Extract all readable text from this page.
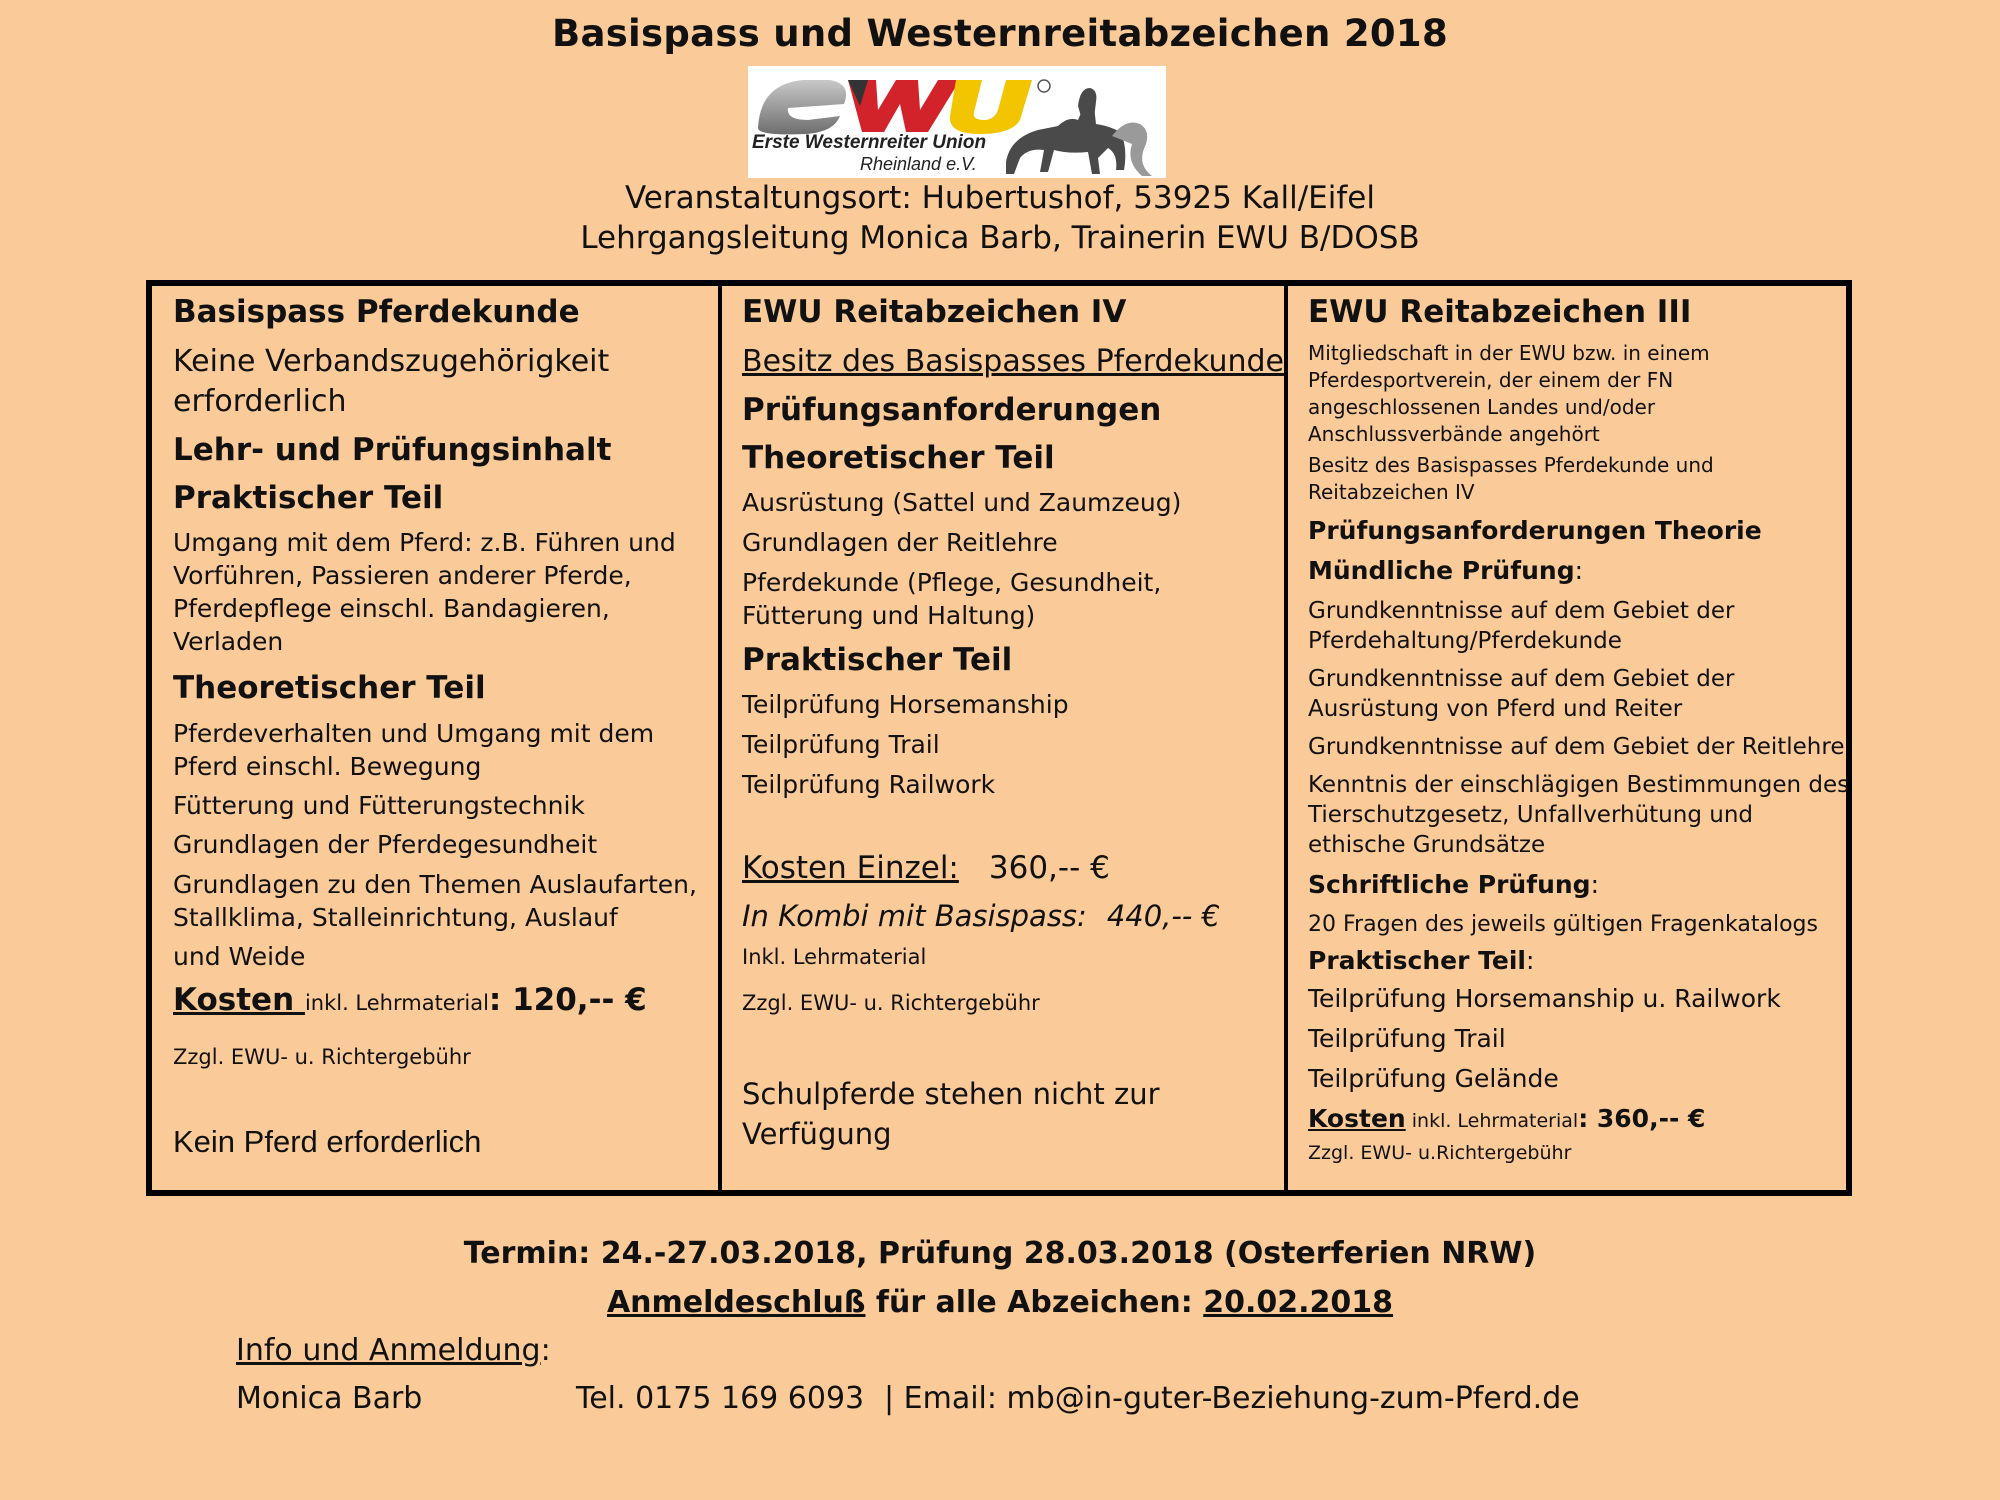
Basispass und Westernreitabzeichen 2018
Erste Westernreiter Union
Rheinland e.V.
Veranstaltungsort: Hubertushof, 53925 Kall/Eifel
Lehrgangsleitung Monica Barb, Trainerin EWU B/DOSB
Basispass Pferdekunde
Keine Verbandszugehörigkeit
erforderlich
Lehr- und Prüfungsinhalt
Praktischer Teil
Umgang mit dem Pferd: z.B. Führen und
Vorführen, Passieren anderer Pferde,
Pferdepflege einschl. Bandagieren,
Verladen
Theoretischer Teil
Pferdeverhalten und Umgang mit dem
Pferd einschl. Bewegung
Fütterung und Fütterungstechnik
Grundlagen der Pferdegesundheit
Grundlagen zu den Themen Auslaufarten,
Stallklima, Stalleinrichtung, Auslauf
und Weide
Kosten inkl. Lehrmaterial: 120,-- €
Zzgl. EWU- u. Richtergebühr
Kein Pferd erforderlich
EWU Reitabzeichen IV
Besitz des Basispasses Pferdekunde
Prüfungsanforderungen
Theoretischer Teil
Ausrüstung (Sattel und Zaumzeug)
Grundlagen der Reitlehre
Pferdekunde (Pflege, Gesundheit,
Fütterung und Haltung)
Praktischer Teil
Teilprüfung Horsemanship
Teilprüfung Trail
Teilprüfung Railwork
Kosten Einzel: 360,-- €
In Kombi mit Basispass: 440,-- €
Inkl. Lehrmaterial
Zzgl. EWU- u. Richtergebühr
Schulpferde stehen nicht zur
Verfügung
EWU Reitabzeichen III
Mitgliedschaft in der EWU bzw. in einem
Pferdesportverein, der einem der FN
angeschlossenen Landes und/oder
Anschlussverbände angehört
Besitz des Basispasses Pferdekunde und
Reitabzeichen IV
Prüfungsanforderungen Theorie
Mündliche Prüfung:
Grundkenntnisse auf dem Gebiet der
Pferdehaltung/Pferdekunde
Grundkenntnisse auf dem Gebiet der
Ausrüstung von Pferd und Reiter
Grundkenntnisse auf dem Gebiet der Reitlehre
Kenntnis der einschlägigen Bestimmungen des
Tierschutzgesetz, Unfallverhütung und
ethische Grundsätze
Schriftliche Prüfung:
20 Fragen des jeweils gültigen Fragenkatalogs
Praktischer Teil:
Teilprüfung Horsemanship u. Railwork
Teilprüfung Trail
Teilprüfung Gelände
Kosten inkl. Lehrmaterial: 360,-- €
Zzgl. EWU- u.Richtergebühr
Termin: 24.-27.03.2018, Prüfung 28.03.2018 (Osterferien NRW)
Anmeldeschluß für alle Abzeichen: 20.02.2018
Info und Anmeldung:
Monica Barb	Tel. 0175 169 6093 | Email: mb@in-guter-Beziehung-zum-Pferd.de
